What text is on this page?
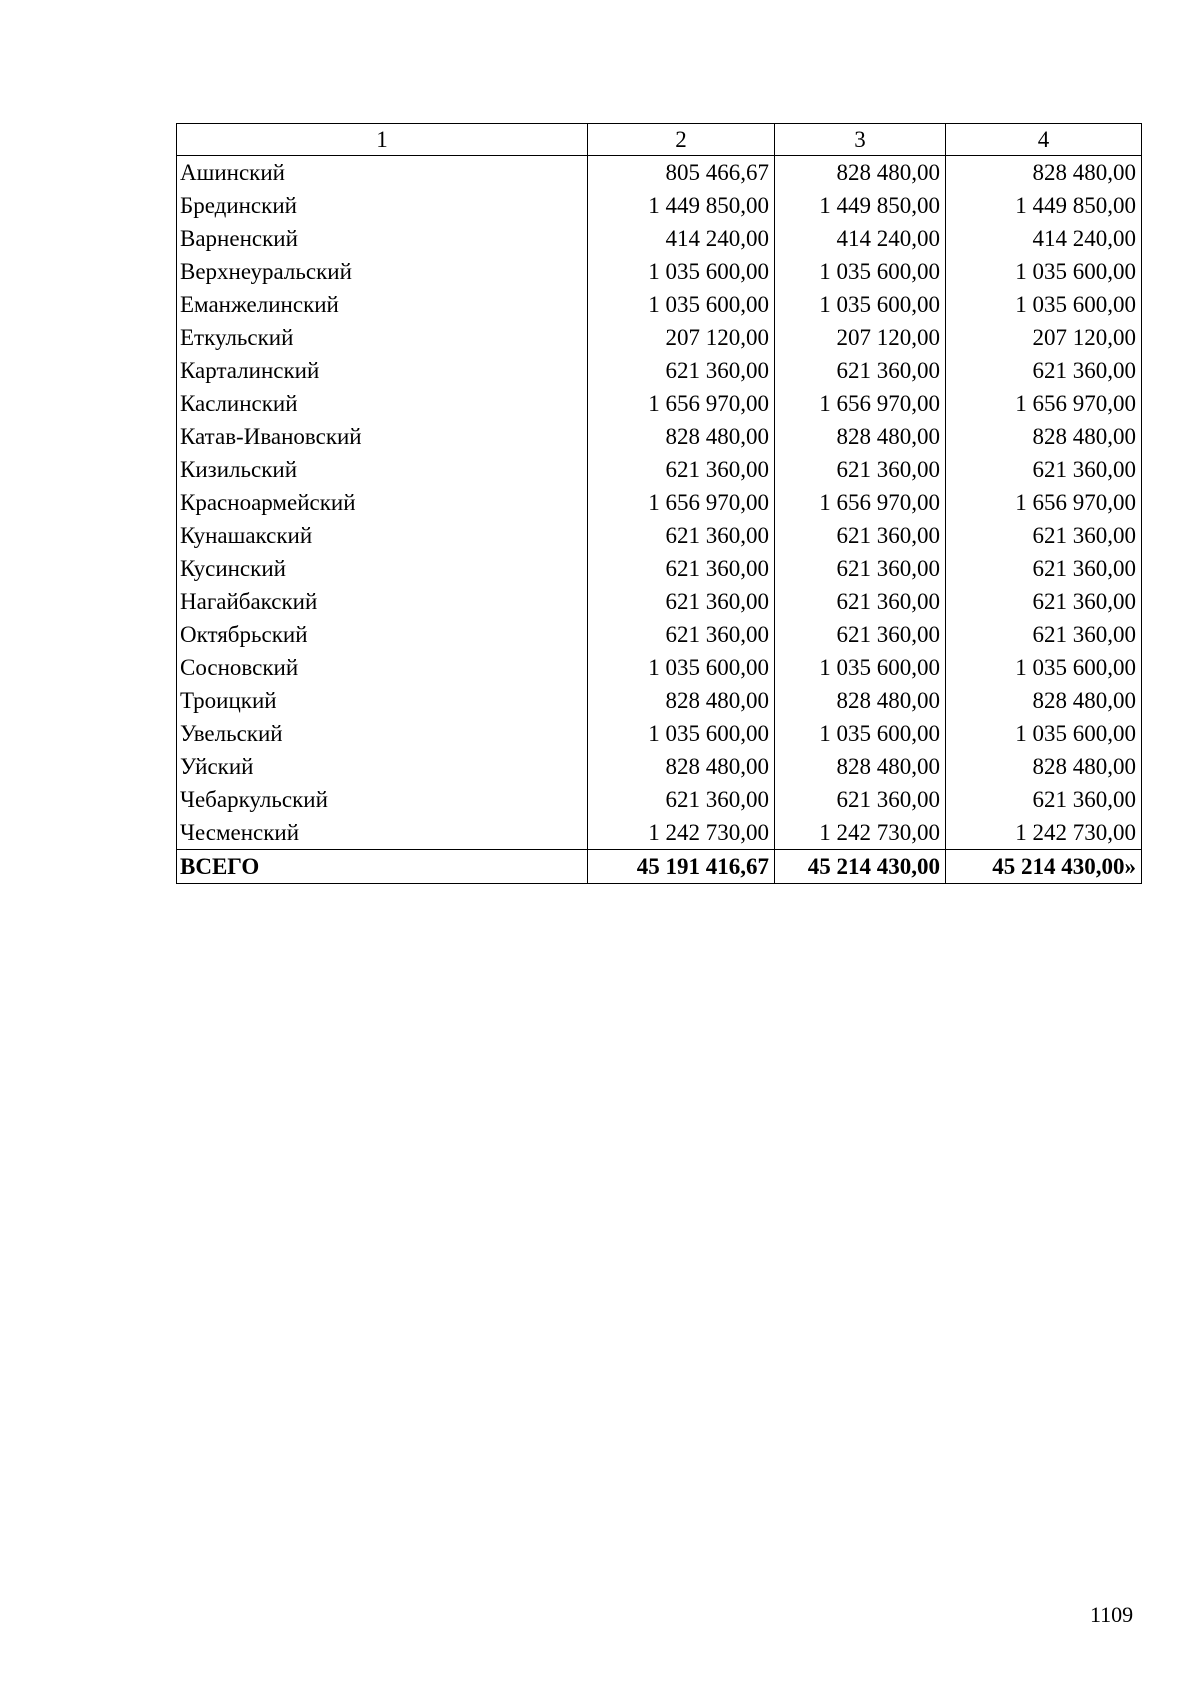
1	2	3	4
Ашинский	805 466,67	828 480,00	828 480,00
Брединский	1 449 850,00	1 449 850,00	1 449 850,00
Варненский	414 240,00	414 240,00	414 240,00
Верхнеуральский	1 035 600,00	1 035 600,00	1 035 600,00
Еманжелинский	1 035 600,00	1 035 600,00	1 035 600,00
Еткульский	207 120,00	207 120,00	207 120,00
Карталинский	621 360,00	621 360,00	621 360,00
Каслинский	1 656 970,00	1 656 970,00	1 656 970,00
Катав-Ивановский	828 480,00	828 480,00	828 480,00
Кизильский	621 360,00	621 360,00	621 360,00
Красноармейский	1 656 970,00	1 656 970,00	1 656 970,00
Кунашакский	621 360,00	621 360,00	621 360,00
Кусинский	621 360,00	621 360,00	621 360,00
Нагайбакский	621 360,00	621 360,00	621 360,00
Октябрьский	621 360,00	621 360,00	621 360,00
Сосновский	1 035 600,00	1 035 600,00	1 035 600,00
Троицкий	828 480,00	828 480,00	828 480,00
Увельский	1 035 600,00	1 035 600,00	1 035 600,00
Уйский	828 480,00	828 480,00	828 480,00
Чебаркульский	621 360,00	621 360,00	621 360,00
Чесменский	1 242 730,00	1 242 730,00	1 242 730,00
ВСЕГО	45 191 416,67	45 214 430,00	45 214 430,00»
1109
